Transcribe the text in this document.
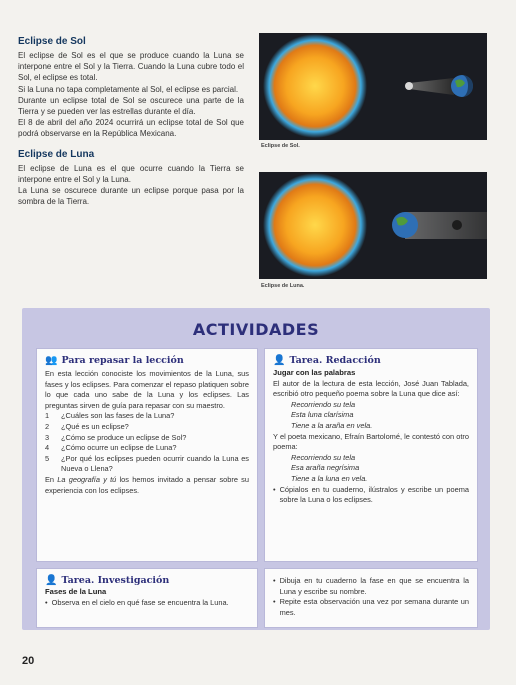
Eclipse de Sol

El eclipse de Sol es el que se produce cuando la Luna se interpone entre el Sol y la Tierra. Cuando la Luna cubre todo el Sol, el eclipse es total.

Si la Luna no tapa completamente al Sol, el eclipse es parcial.

Durante un eclipse total de Sol se oscurece una parte de la Tierra y se pueden ver las estrellas durante el día.

El 8 de abril del año 2024 ocurrirá un eclipse total de Sol que podrá observarse en la República Mexicana.

Eclipse de Luna

El eclipse de Luna es el que ocurre cuando la Tierra se interpone entre el Sol y la Luna.

La Luna se oscurece durante un eclipse porque pasa por la sombra de la Tierra.

Eclipse de Sol.
Eclipse de Luna.
ACTIVIDADES
👥 Para repasar la lección

En esta lección conociste los movimientos de la Luna, sus fases y los eclipses. Para comenzar el repaso platiquen sobre lo que cada uno sabe de la Luna y los eclipses. Las preguntas sirven de guía para repasar con su maestro.

1	¿Cuáles son las fases de la Luna?
2	¿Qué es un eclipse?
3	¿Cómo se produce un eclipse de Sol?
4	¿Cómo ocurre un eclipse de Luna?
5	¿Por qué los eclipses pueden ocurrir cuando la Luna es Nueva o Llena?

En La geografía y tú los hemos invitado a pensar sobre su experiencia con los eclipses.

👤 Tarea. Redacción
Jugar con las palabras

El autor de la lectura de esta lección, José Juan Tablada, escribió otro pequeño poema sobre la Luna que dice así:

Recorriendo su tela
Esta luna clarísima
Tiene a la araña en vela.

Y el poeta mexicano, Efraín Bartolomé, le contestó con otro poema:

Recorriendo su tela
Esa araña negrísima
Tiene a la luna en vela.
• Cópialos en tu cuaderno, ilústralos y escribe un poema sobre la Luna o los eclipses.
👤 Tarea. Investigación
Fases de la Luna
• Observa en el cielo en qué fase se encuentra la Luna.
• Dibuja en tu cuaderno la fase en que se encuentra la Luna y escribe su nombre.
• Repite esta observación una vez por semana durante un mes.
20
